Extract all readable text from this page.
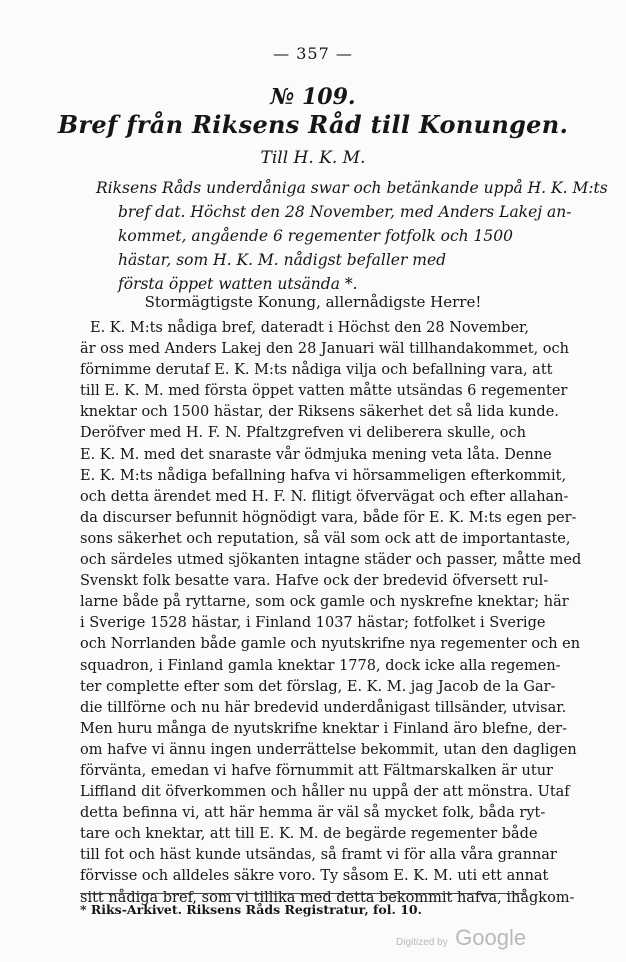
— 357 —
№ 109.
Bref från Riksens Råd till Konungen.
Till H. K. M.
Riksens Råds underdåniga swar och betänkande uppå H. K. M:ts
bref dat. Höchst den 28 November, med Anders Lakej an-
kommet, angående 6 regementer fotfolk och 1500
hästar, som H. K. M. nådigst befaller med
första öppet watten utsända *.
Stormägtigste Konung, allernådigste Herre!
E. K. M:ts nådiga bref, dateradt i Höchst den 28 November,
är oss med Anders Lakej den 28 Januari wäl tillhandakommet, och
förnimme derutaf E. K. M:ts nådiga vilja och befallning vara, att
till E. K. M. med första öppet vatten måtte utsändas 6 regementer
knektar och 1500 hästar, der Riksens säkerhet det så lida kunde.
Deröfver med H. F. N. Pfaltzgrefven vi deliberera skulle, och
E. K. M. med det snaraste vår ödmjuka mening veta låta. Denne
E. K. M:ts nådiga befallning hafva vi hörsammeligen efterkommit,
och detta ärendet med H. F. N. flitigt öfvervägat och efter allahan-
da discurser befunnit högnödigt vara, både för E. K. M:ts egen per-
sons säkerhet och reputation, så väl som ock att de importantaste,
och särdeles utmed sjökanten intagne städer och passer, måtte med
Svenskt folk besatte vara. Hafve ock der bredevid öfversett rul-
larne både på ryttarne, som ock gamle och nyskrefne knektar; här
i Sverige 1528 hästar, i Finland 1037 hästar; fotfolket i Sverige
och Norrlanden både gamle och nyutskrifne nya regementer och en
squadron, i Finland gamla knektar 1778, dock icke alla regemen-
ter complette efter som det förslag, E. K. M. jag Jacob de la Gar-
die tillförne och nu här bredevid underdånigast tillsänder, utvisar.
Men huru många de nyutskrifne knektar i Finland äro blefne, der-
om hafve vi ännu ingen underrättelse bekommit, utan den dagligen
förvänta, emedan vi hafve förnummit att Fältmarskalken är utur
Liffland dit öfverkommen och håller nu uppå der att mönstra. Utaf
detta befinna vi, att här hemma är väl så mycket folk, båda ryt-
tare och knektar, att till E. K. M. de begärde regementer både
till fot och häst kunde utsändas, så framt vi för alla våra grannar
förvisse och alldeles säkre voro. Ty såsom E. K. M. uti ett annat
sitt nådiga bref, som vi tillika med detta bekommit hafva, ihågkom-
* Riks-Arkivet. Riksens Råds Registratur, fol. 10.
Digitized by Google
